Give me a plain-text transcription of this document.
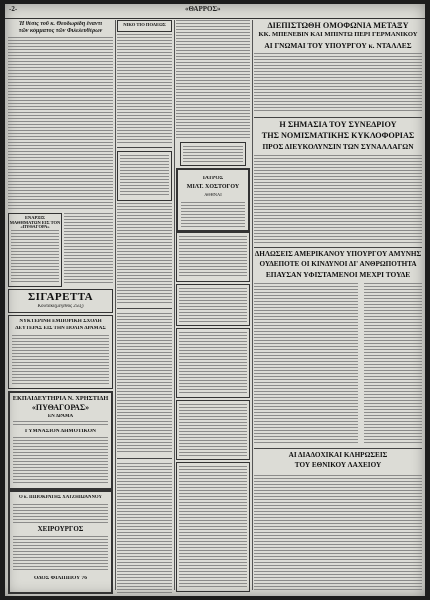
-2-	«ΘΑΡΡΟΣ»
Ἡ θέσις τοῦ κ. Θεοδωρίδη ἔναντι
τῶν κόμματος τῶν Φιλελευθέρων
ΕΝΑΡΞΙΣ ΜΑΘΗΜΑΤΩΝ ΕΙΣ ΤΟΝ «ΠΥΘΑΓΟΡΑ»
ΣΙΓΑΡΕΤΤΑ
Κουτάκι(μέγεθος 25ιξ)
ΝΥΚΤΕΡΙΝΗ ΕΜΠΟΡΙΚΗ ΣΧΟΛΗ
ΔΕΥΤΕΡΑΣ ΕΙΣ ΤΗΝ ΠΟΛΙΝ ΔΡΑΜΑΣ
ΕΚΠΑΙΔΕΥΤΗΡΙΑ Ν. ΧΡΗΣΤΙΔΗ
«ΠΥΘΑΓΟΡΑΣ»
ΕΝ ΔΡΑΜΑ
ΓΥΜΝΑΣΙΟΝ ΔΗΜΟΤΙΚΟΝ
Ο κ. ΙΠΠΟΚΡΑΤΗΣ ΧΑΤΖΗΙΩΑΝΝΟΥ
ΧΕΙΡΟΥΡΓΟΣ
ΟΔΟΣ ΦΙΛΙΠΠΟΥ 76
ΝΙΚΟ ΤΙΟ ΠΟΛΕΩΣ
ΙΑΤΡΟΣ
ΜΙΛΤ. ΧΟΣΤΟΓΟΥ
ΑΘΗΝΑΙ
ΔΙΕΠΙΣΤΩΘΗ ΟΜΟΦΩΝΙΑ ΜΕΤΑΞΥ
ΚΚ. ΜΠΕΝΕΒΙΝ ΚΑΙ ΜΠΙΝΤΩ ΠΕΡΙ ΓΕΡΜΑΝΙΚΟΥ
ΑΙ ΓΝΩΜΑΙ ΤΟΥ ΥΠΟΥΡΓΟΥ κ. ΝΤΑΛΛΕΣ
Η ΣΗΜΑΣΙΑ ΤΟΥ ΣΥΝΕΔΡΙΟΥ
ΤΗΣ ΝΟΜΙΣΜΑΤΙΚΗΣ ΚΥΚΛΟΦΟΡΙΑΣ
ΠΡΟΣ ΔΙΕΥΚΟΛΥΝΣΙΝ ΤΩΝ ΣΥΝΑΛΛΑΓΩΝ
ΔΗΛΩΣΕΙΣ ΑΜΕΡΙΚΑΝΟΥ ΥΠΟΥΡΓΟΥ ΑΜΥΝΗΣ
ΟΥΔΕΠΟΤΕ ΟΙ ΚΙΝΔΥΝΟΙ ΔΙ' ΑΝΘΡΩΠΟΤΗΤΑ
ΕΠΑΥΣΑΝ ΥΦΙΣΤΑΜΕΝΟΙ ΜΕΧΡΙ ΤΟΥΔΕ
ΑΙ ΔΙΑΔΟΧΙΚΑΙ ΚΛΗΡΩΣΕΙΣ
ΤΟΥ ΕΘΝΙΚΟΥ ΛΑΧΕΙΟΥ
